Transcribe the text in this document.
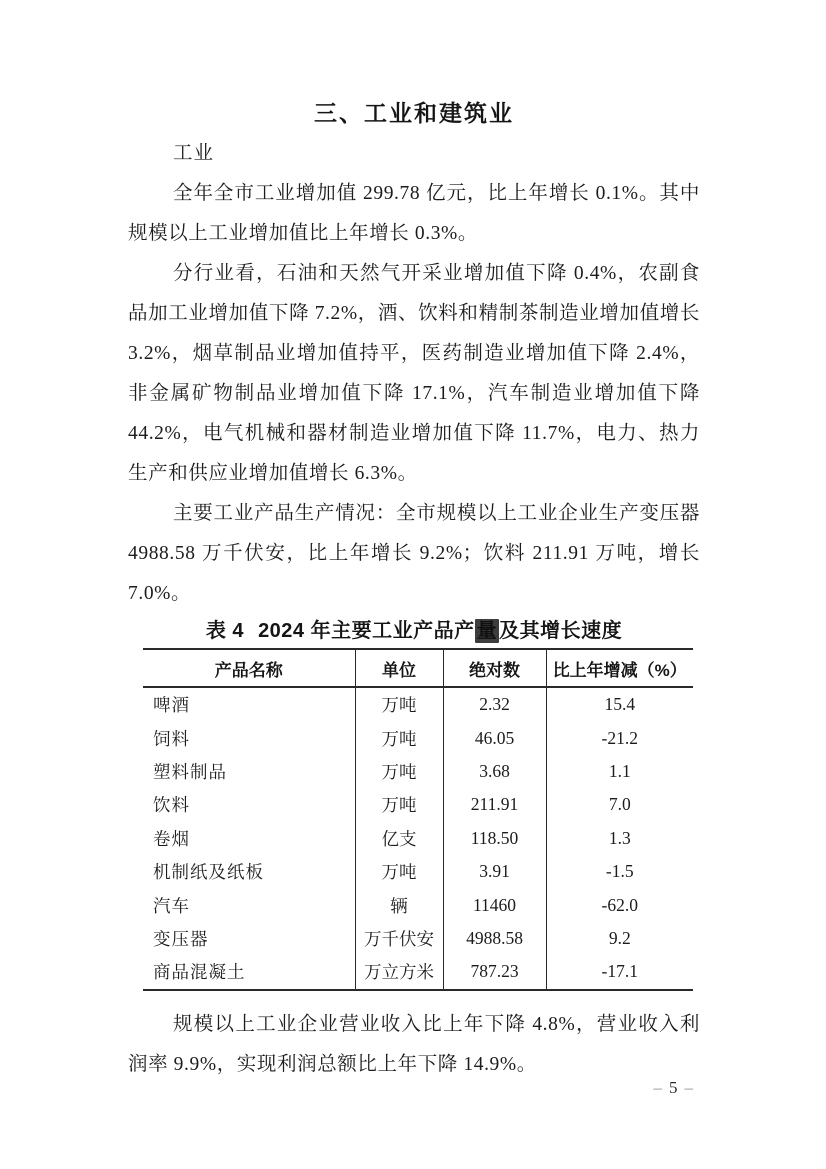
三、工业和建筑业

工业

全年全市工业增加值 299.78 亿元，比上年增长 0.1%。其中规模以上工业增加值比上年增长 0.3%。

分行业看，石油和天然气开采业增加值下降 0.4%，农副食品加工业增加值下降 7.2%，酒、饮料和精制茶制造业增加值增长 3.2%，烟草制品业增加值持平，医药制造业增加值下降 2.4%，非金属矿物制品业增加值下降 17.1%，汽车制造业增加值下降 44.2%，电气机械和器材制造业增加值下降 11.7%，电力、热力生产和供应业增加值增长 6.3%。

主要工业产品生产情况：全市规模以上工业企业生产变压器 4988.58 万千伏安，比上年增长 9.2%；饮料 211.91 万吨，增长 7.0%。

表 4 2024 年主要工业产品产 量 及其增长速度
产品名称	单位	绝对数	比上年增减（%）
啤酒	万吨	2.32	15.4
饲料	万吨	46.05	-21.2
塑料制品	万吨	3.68	1.1
饮料	万吨	211.91	7.0
卷烟	亿支	118.50	1.3
机制纸及纸板	万吨	3.91	-1.5
汽车	辆	11460	-62.0
变压器	万千伏安	4988.58	9.2
商品混凝土	万立方米	787.23	-17.1

规模以上工业企业营业收入比上年下降 4.8%，营业收入利润率 9.9%，实现利润总额比上年下降 14.9%。

– 5 –
